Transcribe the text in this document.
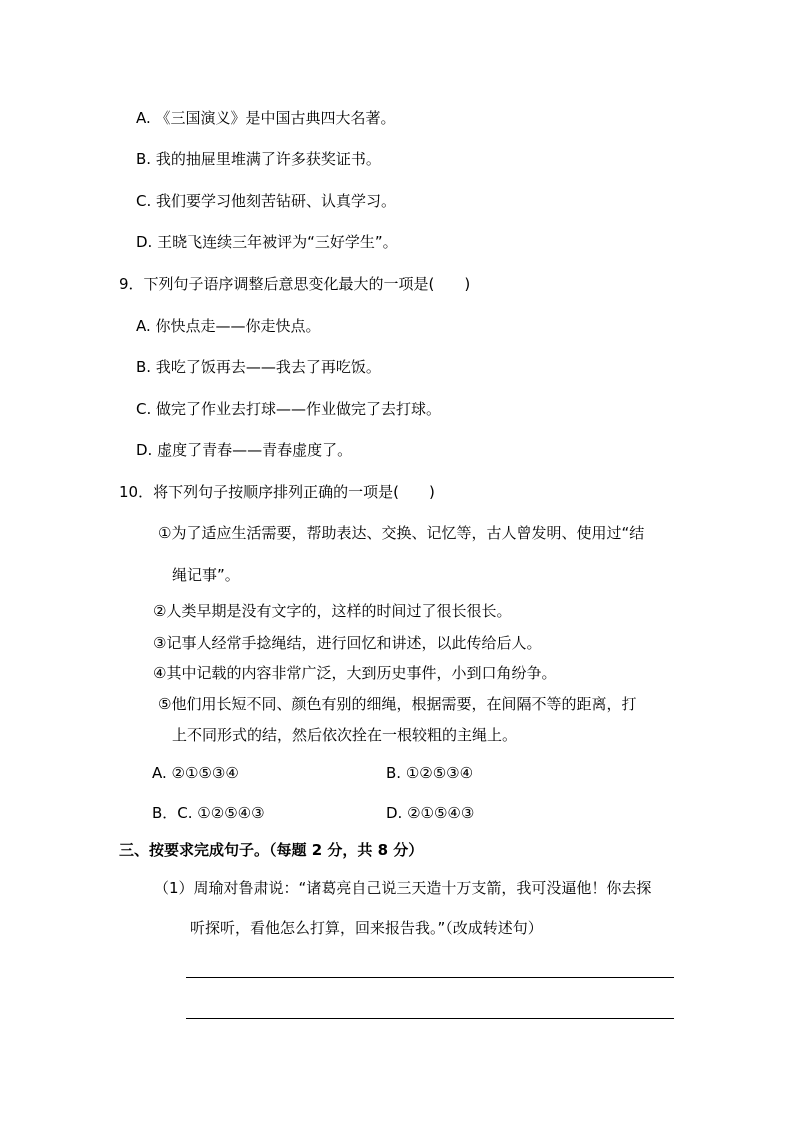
A. 《三国演义》是中国古典四大名著。
B. 我的抽屉里堆满了许多获奖证书。
C. 我们要学习他刻苦钻研、认真学习。
D. 王晓飞连续三年被评为“三好学生”。
9．下列句子语序调整后意思变化最大的一项是(　　)
A. 你快点走——你走快点。
B. 我吃了饭再去——我去了再吃饭。
C. 做完了作业去打球——作业做完了去打球。
D. 虚度了青春——青春虚度了。
10．将下列句子按顺序排列正确的一项是(　　)
①为了适应生活需要，帮助表达、交换、记忆等，古人曾发明、使用过“结
绳记事”。
②人类早期是没有文字的，这样的时间过了很长很长。
③记事人经常手捻绳结，进行回忆和讲述，以此传给后人。
④其中记载的内容非常广泛，大到历史事件，小到口角纷争。
⑤他们用长短不同、颜色有别的细绳，根据需要，在间隔不等的距离，打
上不同形式的结，然后依次拴在一根较粗的主绳上。
A. ②①⑤③④	B. ①②⑤③④
B．C. ①②⑤④③	D. ②①⑤④③
三、按要求完成句子。（每题 2 分，共 8 分）
（1）周瑜对鲁肃说：“诸葛亮自己说三天造十万支箭，我可没逼他！你去探
听探听，看他怎么打算，回来报告我。”（改成转述句）
